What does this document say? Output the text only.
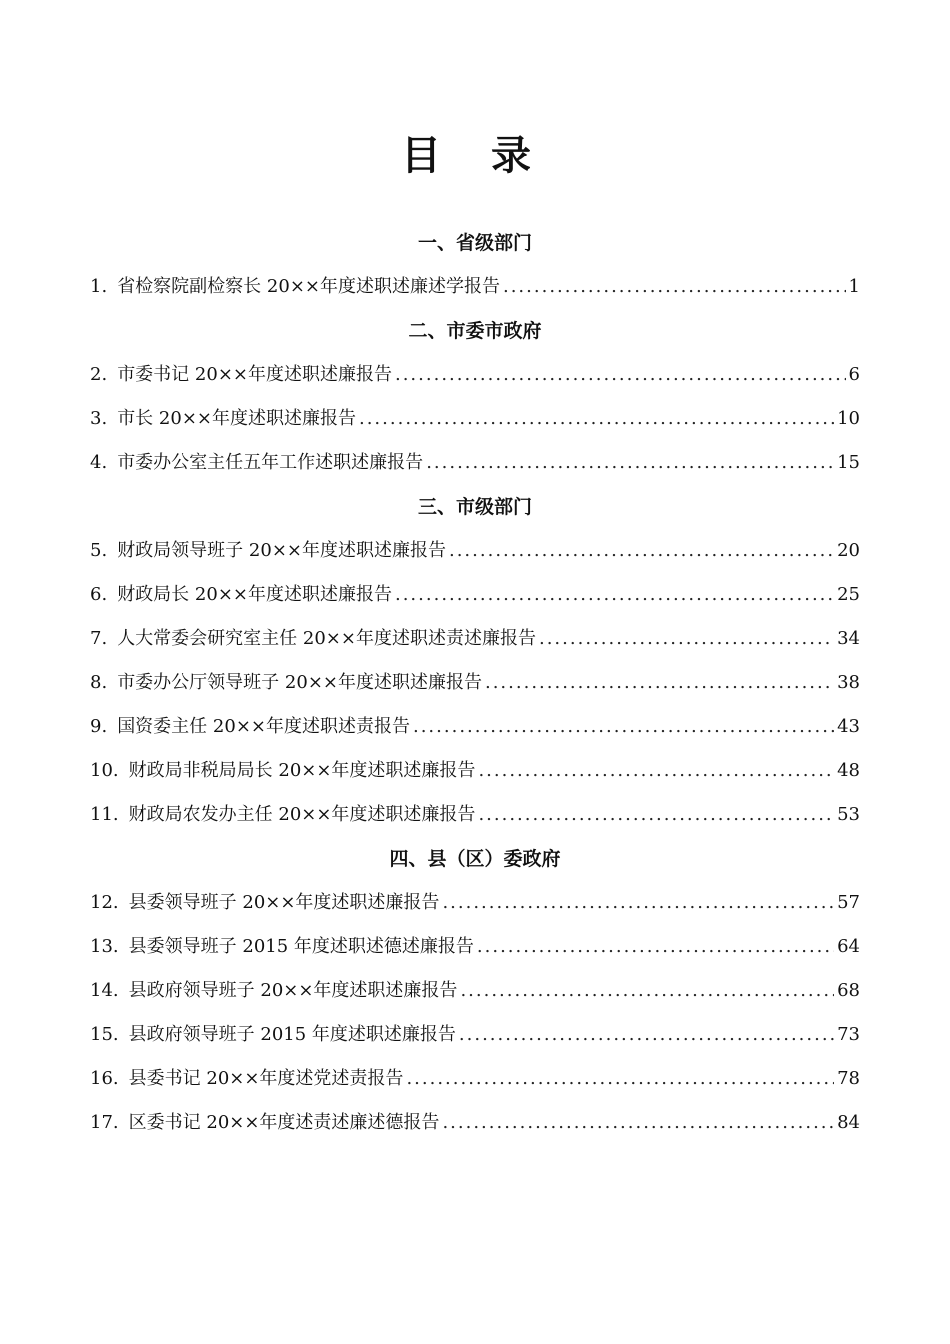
目 录
一、省级部门
1. 省检察院副检察长 20××年度述职述廉述学报告 .....	1
二、市委市政府
2. 市委书记 20××年度述职述廉报告 .....	6
3. 市长 20××年度述职述廉报告 .....	10
4. 市委办公室主任五年工作述职述廉报告 .....	15
三、市级部门
5. 财政局领导班子 20××年度述职述廉报告 .....	20
6. 财政局长 20××年度述职述廉报告 .....	25
7. 人大常委会研究室主任 20××年度述职述责述廉报告 .....	34
8. 市委办公厅领导班子 20××年度述职述廉报告 .....	38
9. 国资委主任 20××年度述职述责报告 .....	43
10. 财政局非税局局长 20××年度述职述廉报告 .....	48
11. 财政局农发办主任 20××年度述职述廉报告 .....	53
四、县（区）委政府
12. 县委领导班子 20××年度述职述廉报告 .....	57
13. 县委领导班子 2015 年度述职述德述廉报告 .....	64
14. 县政府领导班子 20××年度述职述廉报告 .....	68
15. 县政府领导班子 2015 年度述职述廉报告 .....	73
16. 县委书记 20××年度述党述责报告 .....	78
17. 区委书记 20××年度述责述廉述德报告 .....	84
